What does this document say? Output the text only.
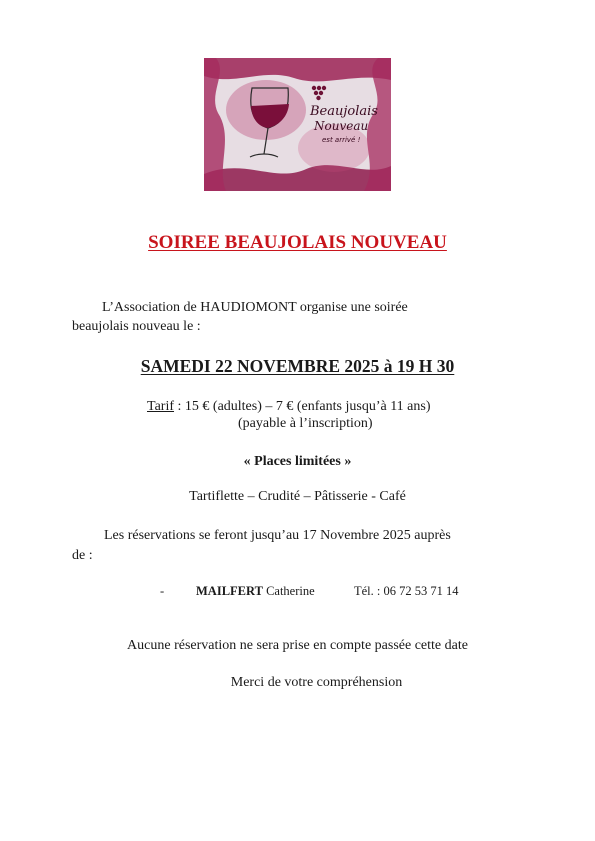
Beaujolais
Nouveau
est arrivé !
SOIREE BEAUJOLAIS NOUVEAU
L’Association de HAUDIOMONT organise une soirée
beaujolais nouveau le :
SAMEDI 22 NOVEMBRE 2025 à 19 H 30
Tarif : 15 € (adultes) – 7 € (enfants jusqu’à 11 ans)
(payable à l’inscription)
« Places limitées »
Tartiflette – Crudité – Pâtisserie - Café
Les réservations se feront jusqu’au 17 Novembre 2025 auprès
de :
-	MAILFERT Catherine	Tél. : 06 72 53 71 14
Aucune réservation ne sera prise en compte passée cette date
Merci de votre compréhension
